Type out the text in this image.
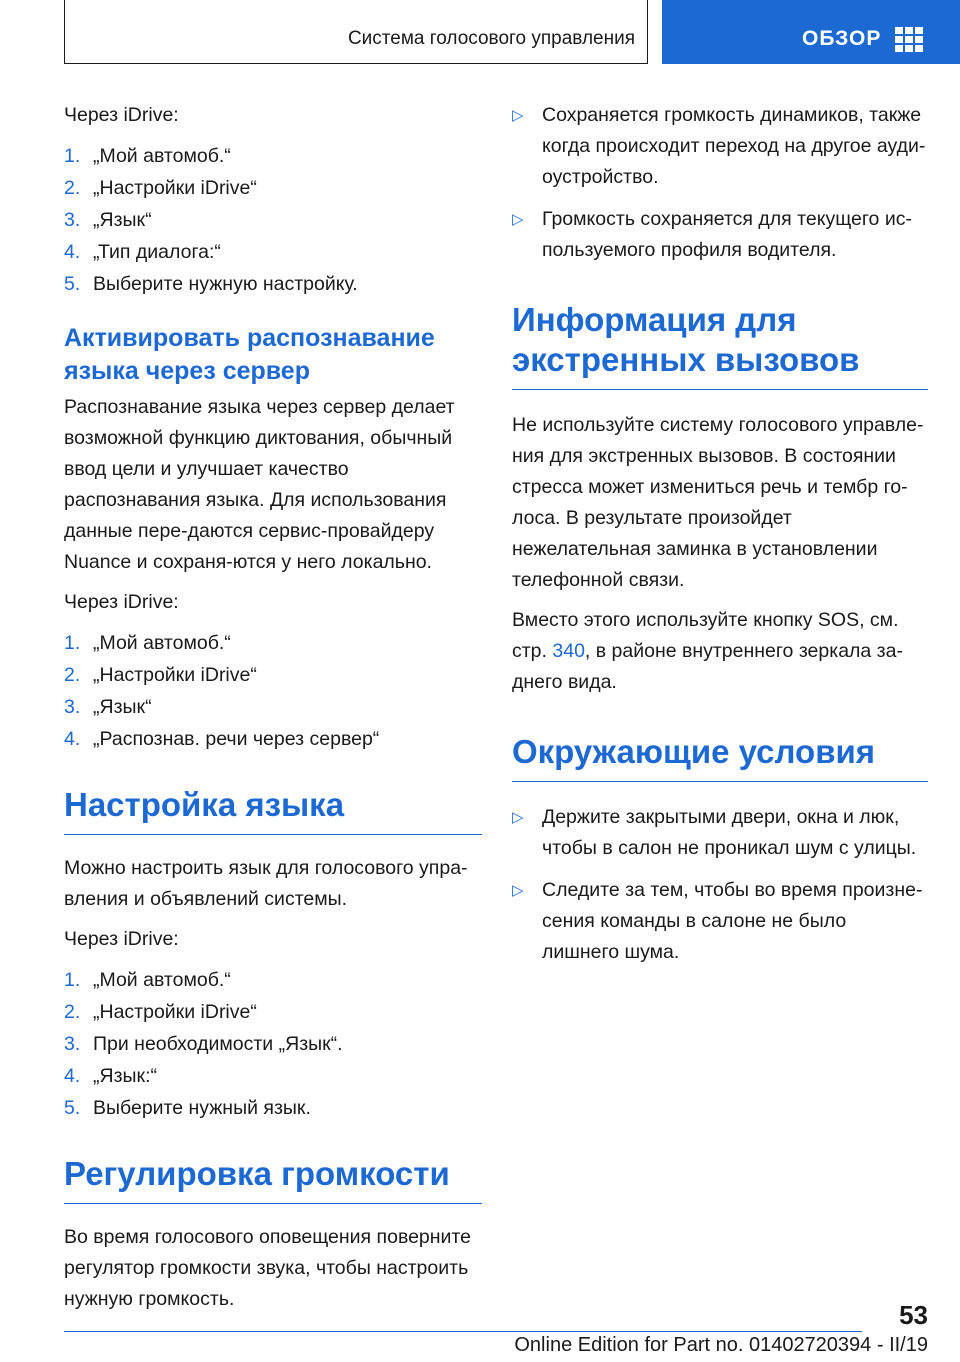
Система голосового управления	ОБЗОР

Через iDrive:

1. „Мой автомоб.“
2. „Настройки iDrive“
3. „Язык“
4. „Тип диалога:“
5. Выберите нужную настройку.
Активировать распознавание языка через сервер

Распознавание языка через сервер делает возможной функцию диктования, обычный ввод цели и улучшает качество распознавания языка. Для использования данные пере-даются сервис-провайдеру Nuance и сохраня-ются у него локально.

Через iDrive:

1. „Мой автомоб.“
2. „Настройки iDrive“
3. „Язык“
4. „Распознав. речи через сервер“
Настройка языка

Можно настроить язык для голосового упра-вления и объявлений системы.

Через iDrive:

1. „Мой автомоб.“
2. „Настройки iDrive“
3. При необходимости „Язык“.
4. „Язык:“
5. Выберите нужный язык.
Регулировка громкости

Во время голосового оповещения поверните регулятор громкости звука, чтобы настроить нужную громкость.

▷ Сохраняется громкость динамиков, также когда происходит переход на другое ауди-оустройство.
▷ Громкость сохраняется для текущего ис-пользуемого профиля водителя.
Информация для экстренных вызовов

Не используйте систему голосового управле-ния для экстренных вызовов. В состоянии стресса может измениться речь и тембр го-лоса. В результате произойдет нежелательная заминка в установлении телефонной связи.

Вместо этого используйте кнопку SOS, см. стр. 340, в районе внутреннего зеркала за-днего вида.

Окружающие условия
▷ Держите закрытыми двери, окна и люк, чтобы в салон не проникал шум с улицы.
▷ Следите за тем, чтобы во время произне-сения команды в салоне не было лишнего шума.
53
Online Edition for Part no. 01402720394 - II/19
